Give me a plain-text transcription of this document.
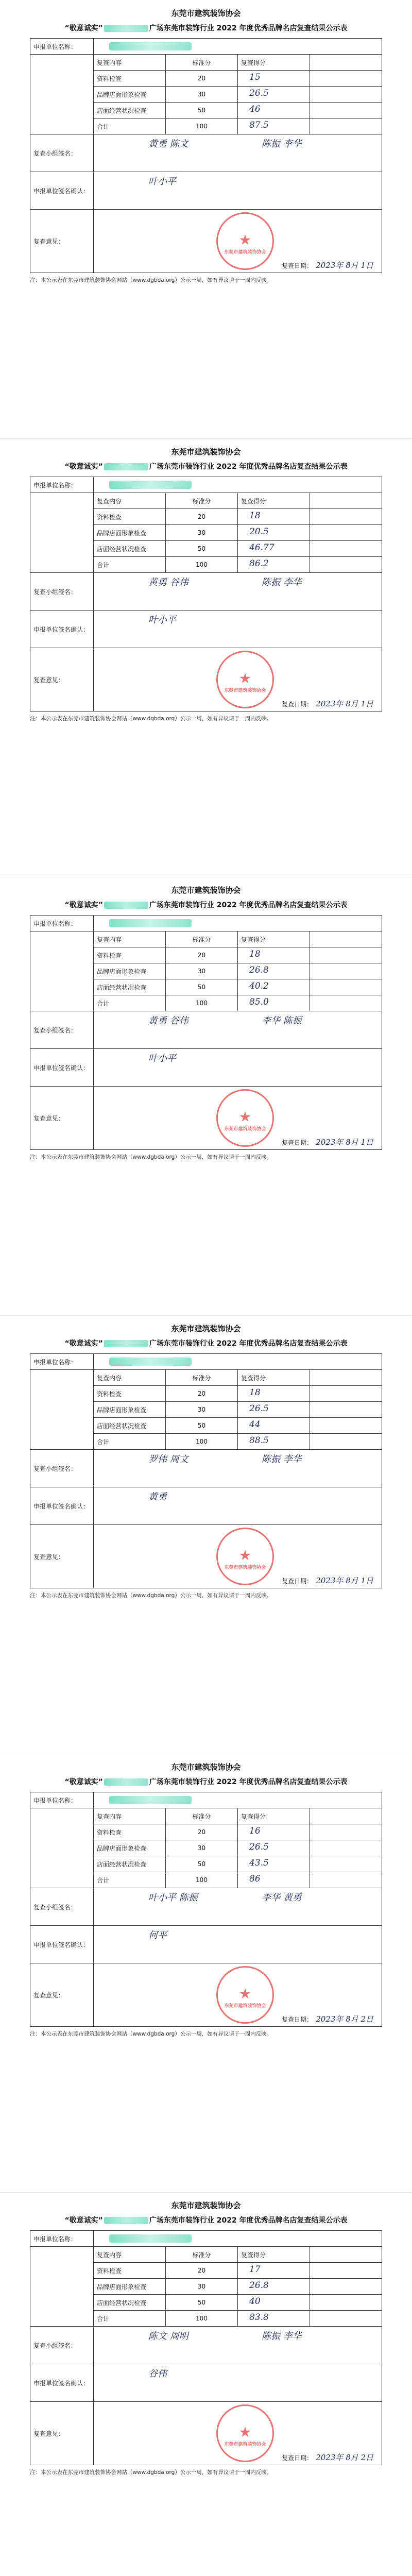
东莞市建筑装饰协会
“敬意诚实”	广场东莞市装饰行业 2022 年度优秀品牌名店复查结果公示表
申报单位名称：				

	复查内容	标准分	复查得分	
	资料检查	20	15	

	品牌店面形象检查	30	26.5	

	店面经营状况检查	50	46	

	合计	100	87.5	

复查小组签名：	黄勇 陈文 陈振 李华			

申报单位签名确认：	叶小平			

复查意见：	东莞市建筑装饰协会
复查日期： 2023年 8月 1日			
注：本公示表在东莞市建筑装饰协会网站（www.dgbda.org）公示一周，如有异议请于一周内反映。
东莞市建筑装饰协会
“敬意诚实”	广场东莞市装饰行业 2022 年度优秀品牌名店复查结果公示表
申报单位名称：				

	复查内容	标准分	复查得分	
	资料检查	20	18	

	品牌店面形象检查	30	20.5	

	店面经营状况检查	50	46.77	

	合计	100	86.2	

复查小组签名：	黄勇 谷伟 陈振 李华			

申报单位签名确认：	叶小平			

复查意见：	东莞市建筑装饰协会
复查日期： 2023年 8月 1日			
注：本公示表在东莞市建筑装饰协会网站（www.dgbda.org）公示一周，如有异议请于一周内反映。
东莞市建筑装饰协会
“敬意诚实”	广场东莞市装饰行业 2022 年度优秀品牌名店复查结果公示表
申报单位名称：				

	复查内容	标准分	复查得分	
	资料检查	20	18	

	品牌店面形象检查	30	26.8	

	店面经营状况检查	50	40.2	

	合计	100	85.0	

复查小组签名：	黄勇 谷伟 李华 陈振			

申报单位签名确认：	叶小平			

复查意见：	东莞市建筑装饰协会
复查日期： 2023年 8月 1日			
注：本公示表在东莞市建筑装饰协会网站（www.dgbda.org）公示一周，如有异议请于一周内反映。
东莞市建筑装饰协会
“敬意诚实”	广场东莞市装饰行业 2022 年度优秀品牌名店复查结果公示表
申报单位名称：				

	复查内容	标准分	复查得分	
	资料检查	20	18	

	品牌店面形象检查	30	26.5	

	店面经营状况检查	50	44	

	合计	100	88.5	

复查小组签名：	罗伟 周文 陈振 李华			

申报单位签名确认：	黄勇			

复查意见：	东莞市建筑装饰协会
复查日期： 2023年 8月 1日			
注：本公示表在东莞市建筑装饰协会网站（www.dgbda.org）公示一周，如有异议请于一周内反映。
东莞市建筑装饰协会
“敬意诚实”	广场东莞市装饰行业 2022 年度优秀品牌名店复查结果公示表
申报单位名称：				

	复查内容	标准分	复查得分	
	资料检查	20	16	

	品牌店面形象检查	30	26.5	

	店面经营状况检查	50	43.5	

	合计	100	86	

复查小组签名：	叶小平 陈振 李华 黄勇			

申报单位签名确认：	何平			

复查意见：	东莞市建筑装饰协会
复查日期： 2023年 8月 2日			
注：本公示表在东莞市建筑装饰协会网站（www.dgbda.org）公示一周，如有异议请于一周内反映。
东莞市建筑装饰协会
“敬意诚实”	广场东莞市装饰行业 2022 年度优秀品牌名店复查结果公示表
申报单位名称：				

	复查内容	标准分	复查得分	
	资料检查	20	17	

	品牌店面形象检查	30	26.8	

	店面经营状况检查	50	40	

	合计	100	83.8	

复查小组签名：	陈文 周明 陈振 李华			

申报单位签名确认：	谷伟			

复查意见：	东莞市建筑装饰协会
复查日期： 2023年 8月 2日			
注：本公示表在东莞市建筑装饰协会网站（www.dgbda.org）公示一周，如有异议请于一周内反映。
